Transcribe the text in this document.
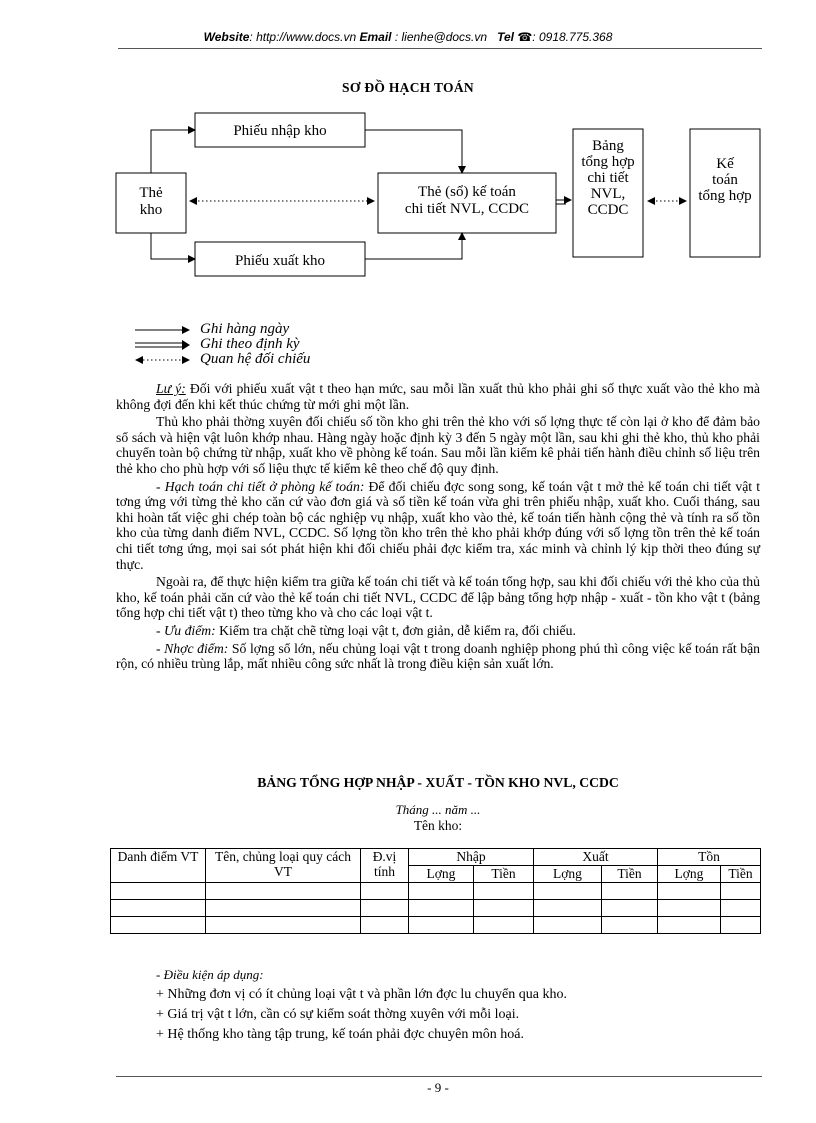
Website: http://www.docs.vn Email : lienhe@docs.vn Tel ☎: 0918.775.368
SƠ ĐỒ HẠCH TOÁN
Phiếu nhập kho
Thẻ
kho
Thẻ (sổ) kế toán
chi tiết NVL, CCDC
Phiếu xuất kho
Bảng
tổng hợp
chi tiết
NVL,
CCDC
Kế
toán
tổng hợp
Ghi hàng ngày
Ghi theo định kỳ
Quan hệ đối chiếu

Lư ý: Đối với phiếu xuất vật t theo hạn mức, sau mỗi lần xuất thủ kho phải ghi số thực xuất vào thẻ kho mà không đợi đến khi kết thúc chứng từ mới ghi một lần.

Thủ kho phải thờng xuyên đối chiếu số tồn kho ghi trên thẻ kho với số lợng thực tế còn lại ở kho để đảm bảo sổ sách và hiện vật luôn khớp nhau. Hàng ngày hoặc định kỳ 3 đến 5 ngày một lần, sau khi ghi thẻ kho, thủ kho phải chuyển toàn bộ chứng từ nhập, xuất kho về phòng kế toán. Sau mỗi lần kiểm kê phải tiến hành điều chỉnh số liệu trên thẻ kho cho phù hợp với số liệu thực tế kiểm kê theo chế độ quy định.

- Hạch toán chi tiết ở phòng kế toán: Để đối chiếu đợc song song, kế toán vật t mở thẻ kế toán chi tiết vật t tơng ứng với từng thẻ kho căn cứ vào đơn giá và số tiền kế toán vừa ghi trên phiếu nhập, xuất kho. Cuối tháng, sau khi hoàn tất việc ghi chép toàn bộ các nghiệp vụ nhập, xuất kho vào thẻ, kế toán tiến hành cộng thẻ và tính ra số tồn kho của từng danh điểm NVL, CCDC. Số lợng tồn kho trên thẻ kho phải khớp đúng với số lợng tồn trên thẻ kế toán chi tiết tơng ứng, mọi sai sót phát hiện khi đối chiếu phải đợc kiểm tra, xác minh và chỉnh lý kịp thời theo đúng sự thực.

Ngoài ra, để thực hiện kiểm tra giữa kế toán chi tiết và kế toán tổng hợp, sau khi đối chiếu với thẻ kho của thủ kho, kế toán phải căn cứ vào thẻ kế toán chi tiết NVL, CCDC để lập bảng tổng hợp nhập - xuất - tồn kho vật t (bảng tổng hợp chi tiết vật t) theo từng kho và cho các loại vật t.

- Ưu điểm: Kiểm tra chặt chẽ từng loại vật t, đơn giản, dễ kiểm ra, đối chiếu.

- Nhợc điểm: Số lợng sổ lớn, nếu chủng loại vật t trong doanh nghiệp phong phú thì công việc kế toán rất bận rộn, có nhiều trùng lắp, mất nhiều công sức nhất là trong điều kiện sản xuất lớn.

BẢNG TỔNG HỢP NHẬP - XUẤT - TỒN KHO NVL, CCDC
Tháng ... năm ...
Tên kho:
Danh điểm VT	Tên, chủng loại quy cách VT	Đ.vị tính	Nhập		Xuất		Tồn	
			Lợng	Tiền	Lợng	Tiền	Lợng	Tiền

- Điều kiện áp dụng:
+ Những đơn vị có ít chủng loại vật t và phần lớn đợc lu chuyển qua kho.
+ Giá trị vật t lớn, cần có sự kiểm soát thờng xuyên với mỗi loại.
+ Hệ thống kho tàng tập trung, kế toán phải đợc chuyên môn hoá.
- 9 -
